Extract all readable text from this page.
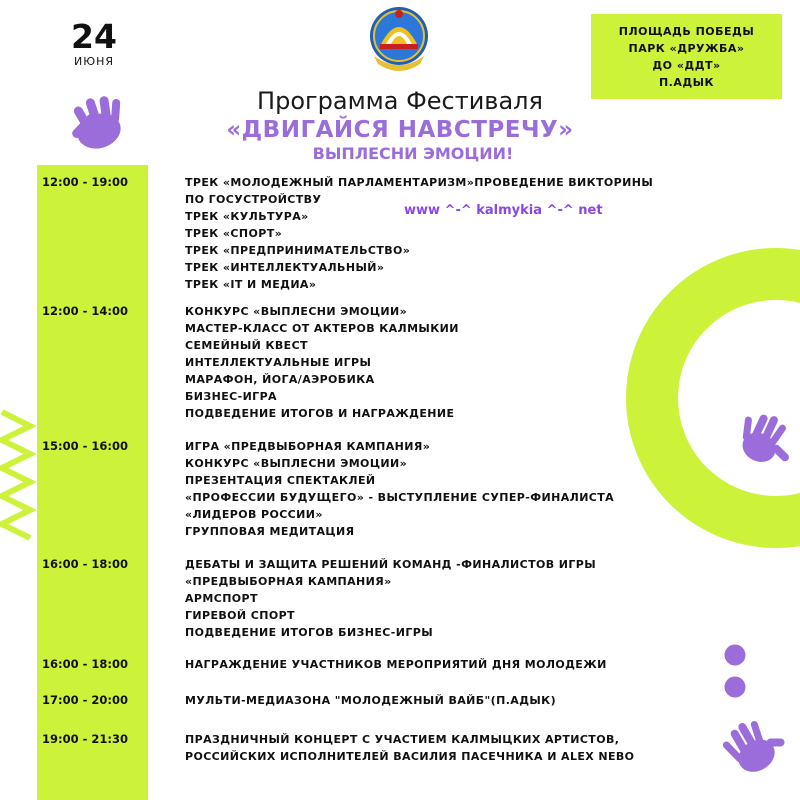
24
ИЮНЯ
ПЛОЩАДЬ ПОБЕДЫ
ПАРК «ДРУЖБА»
ДО «ДДТ»
П.АДЫК
Программа Фестиваля
«ДВИГАЙСЯ НАВСТРЕЧУ»
ВЫПЛЕСНИ ЭМОЦИИ!
www ^-^ kalmykia ^-^ net
12:00 - 19:00	ТРЕК «МОЛОДЕЖНЫЙ ПАРЛАМЕНТАРИЗМ»ПРОВЕДЕНИЕ ВИКТОРИНЫ
ПО ГОСУСТРОЙСТВУ
ТРЕК «КУЛЬТУРА»
ТРЕК «СПОРТ»
ТРЕК «ПРЕДПРИНИМАТЕЛЬСТВО»
ТРЕК «ИНТЕЛЛЕКТУАЛЬНЫЙ»
ТРЕК «IT И МЕДИА»
12:00 - 14:00	КОНКУРС «ВЫПЛЕСНИ ЭМОЦИИ»
МАСТЕР-КЛАСС ОТ АКТЕРОВ КАЛМЫКИИ
СЕМЕЙНЫЙ КВЕСТ
ИНТЕЛЛЕКТУАЛЬНЫЕ ИГРЫ
МАРАФОН, ЙОГА/АЭРОБИКА
БИЗНЕС-ИГРА
ПОДВЕДЕНИЕ ИТОГОВ И НАГРАЖДЕНИЕ
15:00 - 16:00	ИГРА «ПРЕДВЫБОРНАЯ КАМПАНИЯ»
КОНКУРС «ВЫПЛЕСНИ ЭМОЦИИ»
ПРЕЗЕНТАЦИЯ СПЕКТАКЛЕЙ
«ПРОФЕССИИ БУДУЩЕГО» - ВЫСТУПЛЕНИЕ СУПЕР-ФИНАЛИСТА
«ЛИДЕРОВ РОССИИ»
ГРУППОВАЯ МЕДИТАЦИЯ
16:00 - 18:00	ДЕБАТЫ И ЗАЩИТА РЕШЕНИЙ КОМАНД -ФИНАЛИСТОВ ИГРЫ
«ПРЕДВЫБОРНАЯ КАМПАНИЯ»
АРМСПОРТ
ГИРЕВОЙ СПОРТ
ПОДВЕДЕНИЕ ИТОГОВ БИЗНЕС-ИГРЫ
16:00 - 18:00	НАГРАЖДЕНИЕ УЧАСТНИКОВ МЕРОПРИЯТИЙ ДНЯ МОЛОДЕЖИ
17:00 - 20:00	МУЛЬТИ-МЕДИАЗОНА "МОЛОДЕЖНЫЙ ВАЙБ"(П.АДЫК)
19:00 - 21:30	ПРАЗДНИЧНЫЙ КОНЦЕРТ С УЧАСТИЕМ КАЛМЫЦКИХ АРТИСТОВ,
РОССИЙСКИХ ИСПОЛНИТЕЛЕЙ ВАСИЛИЯ ПАСЕЧНИКА И ALEX NEBO
